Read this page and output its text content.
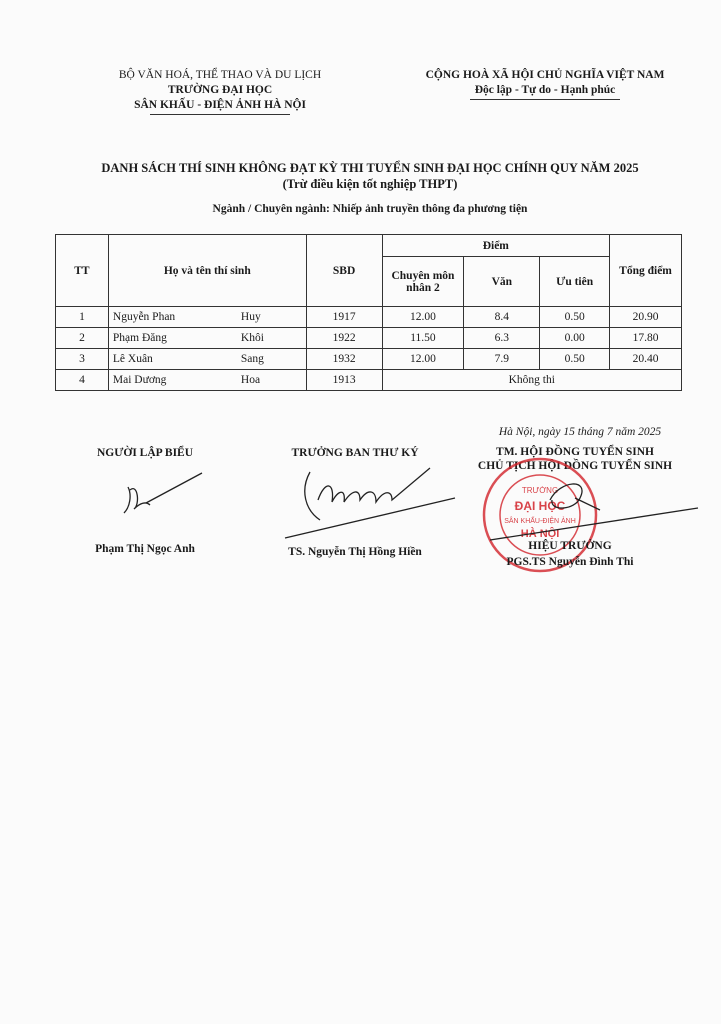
BỘ VĂN HOÁ, THỂ THAO VÀ DU LỊCH
TRƯỜNG ĐẠI HỌC
SÂN KHẤU - ĐIỆN ẢNH HÀ NỘI
CỘNG HOÀ XÃ HỘI CHỦ NGHĨA VIỆT NAM
Độc lập - Tự do - Hạnh phúc
DANH SÁCH THÍ SINH KHÔNG ĐẠT KỲ THI TUYỂN SINH ĐẠI HỌC CHÍNH QUY NĂM 2025
(Trừ điều kiện tốt nghiệp THPT)
Ngành / Chuyên ngành: Nhiếp ảnh truyền thông đa phương tiện
TT	Họ và tên thí sinh	SBD	Điểm			Tổng điểm
			Chuyên môn nhân 2	Văn	Ưu tiên	
1	Nguyễn Phan Huy	1917	12.00	8.4	0.50	20.90
2	Phạm Đăng Khôi	1922	11.50	6.3	0.00	17.80
3	Lê Xuân Sang	1932	12.00	7.9	0.50	20.40
4	Mai Dương Hoa	1913	Không thi			
Hà Nội, ngày 15 tháng 7 năm 2025
NGƯỜI LẬP BIỂU
Phạm Thị Ngọc Anh
TRƯỞNG BAN THƯ KÝ
TS. Nguyễn Thị Hồng Hiền
TM. HỘI ĐỒNG TUYỂN SINH
CHỦ TỊCH HỘI ĐỒNG TUYỂN SINH
TRƯỜNG
ĐẠI HỌC
SÂN KHẤU-ĐIỆN ẢNH
HÀ NỘI
HIỆU TRƯỞNG
PGS.TS Nguyễn Đình Thi
